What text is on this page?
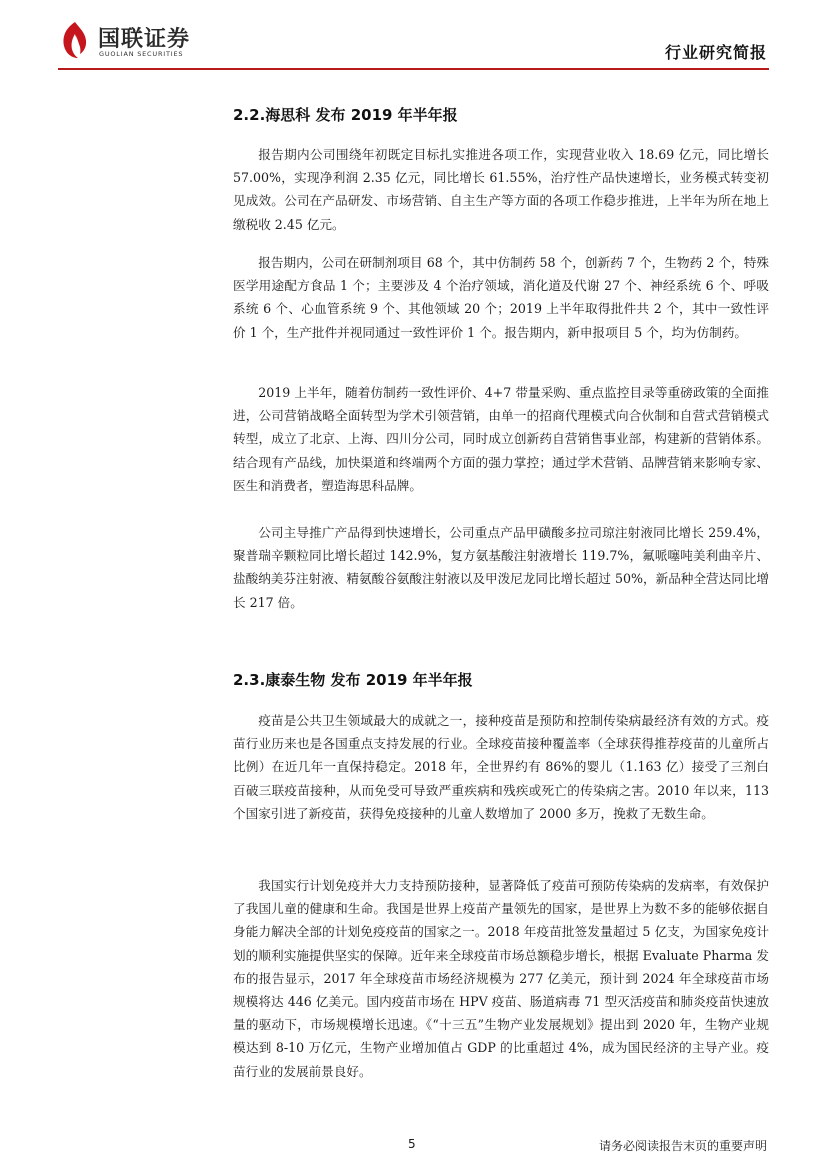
国联证券
GUOLIAN SECURITIES	行业研究简报
2.2.海思科 发布 2019 年半年报

报告期内公司围绕年初既定目标扎实推进各项工作，实现营业收入 18.69 亿元，同比增长 57.00%，实现净利润 2.35 亿元，同比增长 61.55%，治疗性产品快速增长，业务模式转变初见成效。公司在产品研发、市场营销、自主生产等方面的各项工作稳步推进，上半年为所在地上缴税收 2.45 亿元。

报告期内，公司在研制剂项目 68 个，其中仿制药 58 个，创新药 7 个，生物药 2 个，特殊医学用途配方食品 1 个；主要涉及 4 个治疗领域，消化道及代谢 27 个、神经系统 6 个、呼吸系统 6 个、心血管系统 9 个、其他领域 20 个；2019 上半年取得批件共 2 个，其中一致性评价 1 个，生产批件并视同通过一致性评价 1 个。报告期内，新申报项目 5 个，均为仿制药。

2019 上半年，随着仿制药一致性评价、4+7 带量采购、重点监控目录等重磅政策的全面推进，公司营销战略全面转型为学术引领营销，由单一的招商代理模式向合伙制和自营式营销模式转型，成立了北京、上海、四川分公司，同时成立创新药自营销售事业部，构建新的营销体系。结合现有产品线，加快渠道和终端两个方面的强力掌控；通过学术营销、品牌营销来影响专家、医生和消费者，塑造海思科品牌。

公司主导推广产品得到快速增长，公司重点产品甲磺酸多拉司琼注射液同比增长 259.4%，聚普瑞辛颗粒同比增长超过 142.9%，复方氨基酸注射液增长 119.7%，氟哌噻吨美利曲辛片、盐酸纳美芬注射液、精氨酸谷氨酸注射液以及甲泼尼龙同比增长超过 50%，新品种全营达同比增长 217 倍。

2.3.康泰生物 发布 2019 年半年报

疫苗是公共卫生领域最大的成就之一，接种疫苗是预防和控制传染病最经济有效的方式。疫苗行业历来也是各国重点支持发展的行业。全球疫苗接种覆盖率（全球获得推荐疫苗的儿童所占比例）在近几年一直保持稳定。2018 年，全世界约有 86%的婴儿（1.163 亿）接受了三剂白百破三联疫苗接种，从而免受可导致严重疾病和残疾或死亡的传染病之害。2010 年以来，113 个国家引进了新疫苗，获得免疫接种的儿童人数增加了 2000 多万，挽救了无数生命。

我国实行计划免疫并大力支持预防接种，显著降低了疫苗可预防传染病的发病率，有效保护了我国儿童的健康和生命。我国是世界上疫苗产量领先的国家，是世界上为数不多的能够依据自身能力解决全部的计划免疫疫苗的国家之一。2018 年疫苗批签发量超过 5 亿支，为国家免疫计划的顺利实施提供坚实的保障。近年来全球疫苗市场总额稳步增长，根据 Evaluate Pharma 发布的报告显示，2017 年全球疫苗市场经济规模为 277 亿美元，预计到 2024 年全球疫苗市场规模将达 446 亿美元。国内疫苗市场在 HPV 疫苗、肠道病毒 71 型灭活疫苗和肺炎疫苗快速放量的驱动下，市场规模增长迅速。《“十三五”生物产业发展规划》提出到 2020 年，生物产业规模达到 8-10 万亿元，生物产业增加值占 GDP 的比重超过 4%，成为国民经济的主导产业。疫苗行业的发展前景良好。

5	请务必阅读报告末页的重要声明
